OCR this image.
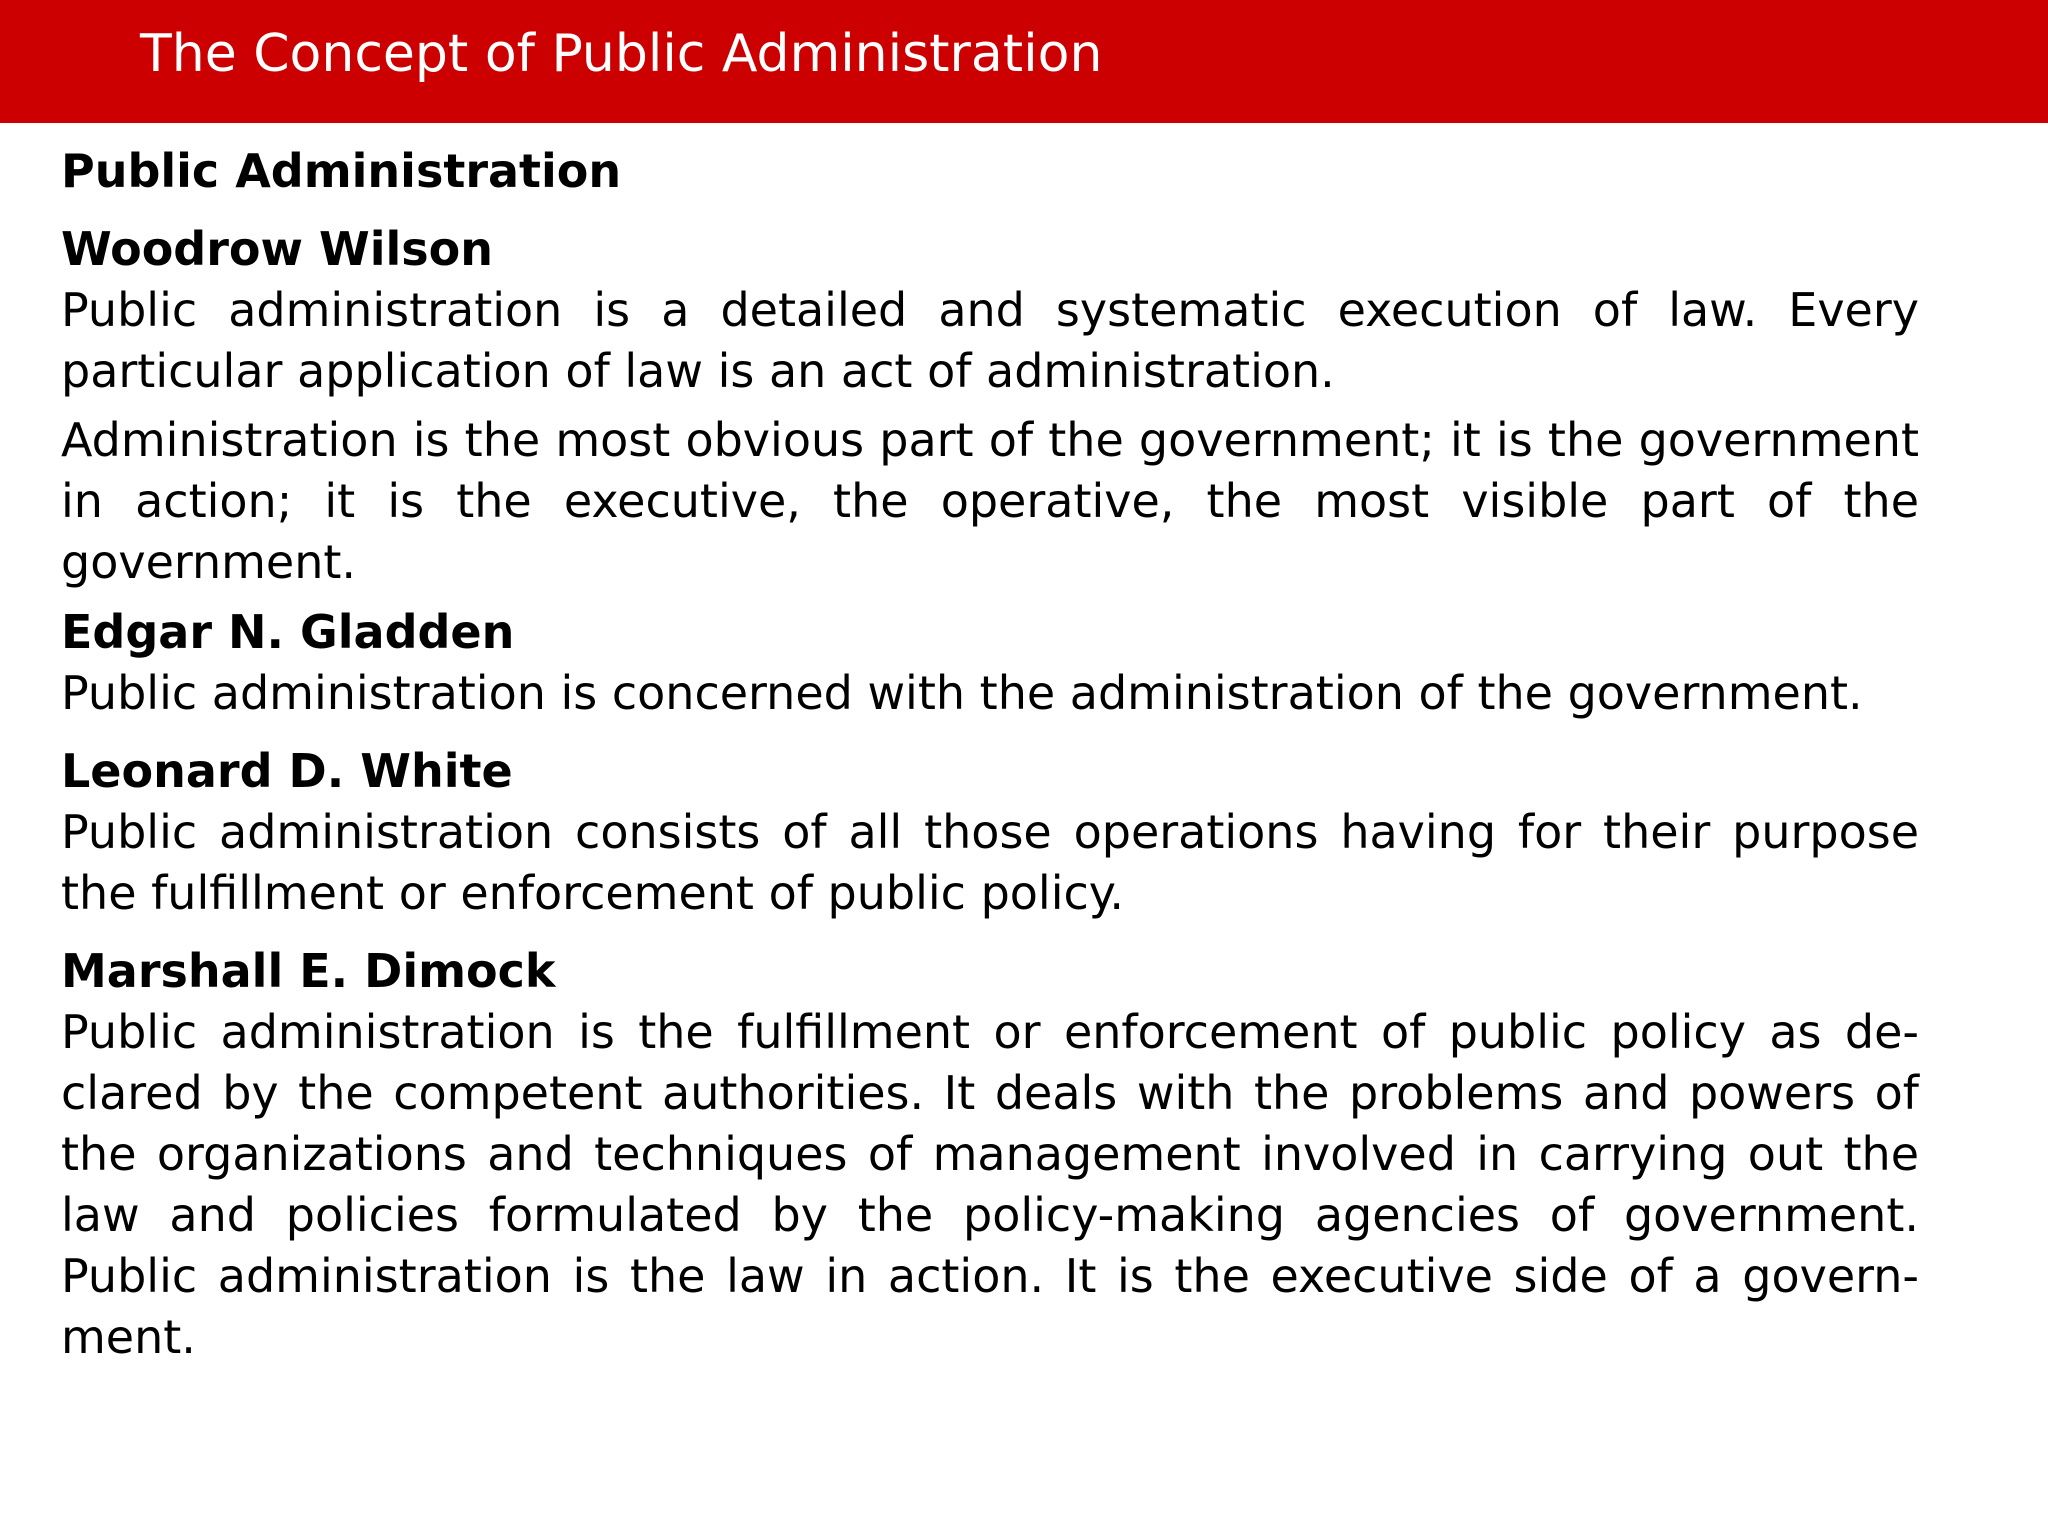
The Concept of Public Administration
Public Administration
Woodrow Wilson

Public administration is a detailed and systematic execution of law. Every particular application of law is an act of administration.

Administration is the most obvious part of the government; it is the government in action; it is the executive, the operative, the most visible part of the government.

Edgar N. Gladden

Public administration is concerned with the administration of the government.

Leonard D. White

Public administration consists of all those operations having for their purpose the fulfillment or enforcement of public policy.

Marshall E. Dimock

Public administration is the fulfillment or enforcement of public policy as de-clared by the competent authorities. It deals with the problems and powers of the organizations and techniques of management involved in carrying out the law and policies formulated by the policy-making agencies of government. Public administration is the law in action. It is the executive side of a govern-ment.
